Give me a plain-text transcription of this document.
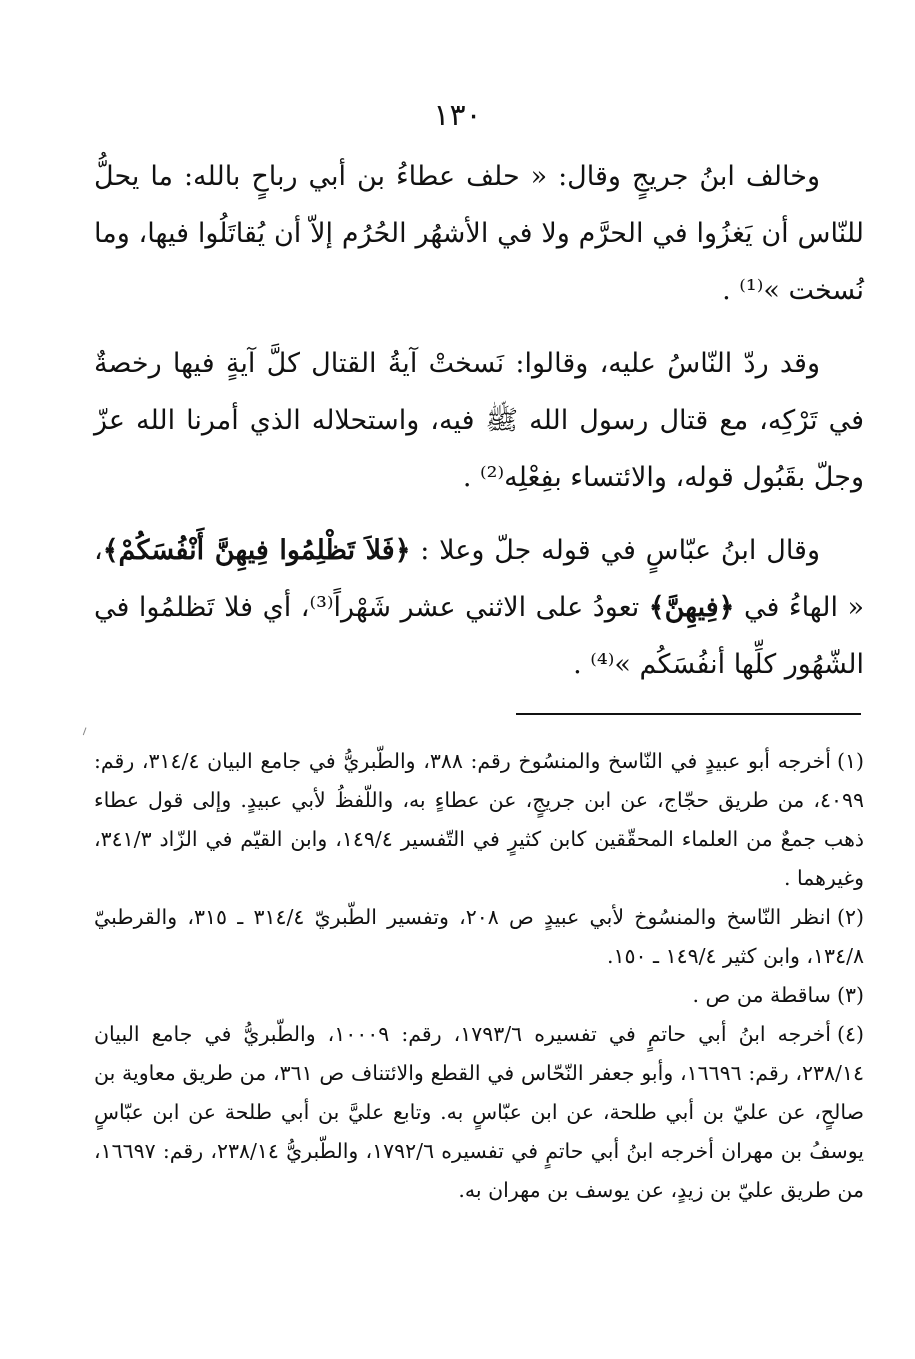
١٣٠

وخالف ابنُ جريجٍ وقال: « حلف عطاءُ بن أبي رباحٍ بالله: ما يحلُّ للنّاس أن يَغزُوا في الحرَّم ولا في الأشهُر الحُرُم إلاّ أن يُقاتَلُوا فيها، وما نُسخت »⁽¹⁾ .

وقد ردّ النّاسُ عليه، وقالوا: نَسختْ آيةُ القتال كلَّ آيةٍ فيها رخصةٌ في تَرْكِه، مع قتال رسول الله ﷺ فيه، واستحلاله الذي أمرنا الله عزّ وجلّ بقَبُول قوله، والائتساء بفِعْلِه⁽²⁾ .

وقال ابنُ عبّاسٍ في قوله جلّ وعلا : ﴿فَلاَ تَظْلِمُوا فِيهِنَّ أَنْفُسَكُمْ﴾، « الهاءُ في ﴿فِيهِنَّ﴾ تعودُ على الاثني عشر شَهْراً⁽³⁾، أي فلا تَظلمُوا في الشّهُور كلِّها أنفُسَكُم »⁽⁴⁾ .

(١)أخرجه أبو عبيدٍ في النّاسخ والمنسُوخ رقم: ٣٨٨، والطّبريُّ في جامع البيان ٣١٤/٤، رقم: ٤٠٩٩، من طريق حجّاج، عن ابن جريجٍ، عن عطاءٍ به، واللّفظُ لأبي عبيدٍ. وإلى قول عطاء ذهب جمعٌ من العلماء المحقّقين كابن كثيرٍ في التّفسير ١٤٩/٤، وابن القيّم في الزّاد ٣٤١/٣، وغيرهما .

(٢)انظر النّاسخ والمنسُوخ لأبي عبيدٍ ص ٢٠٨، وتفسير الطّبريّ ٣١٤/٤ ـ ٣١٥، والقرطبيّ ١٣٤/٨، وابن كثير ١٤٩/٤ ـ ١٥٠.

(٣)ساقطة من ص .

(٤)أخرجه ابنُ أبي حاتمٍ في تفسيره ١٧٩٣/٦، رقم: ١٠٠٠٩، والطّبريُّ في جامع البيان ٢٣٨/١٤، رقم: ١٦٦٩٦، وأبو جعفر النّحّاس في القطع والائتناف ص ٣٦١، من طريق معاوية بن صالحٍ، عن عليّ بن أبي طلحة، عن ابن عبّاسٍ به. وتابع عليَّ بن أبي طلحة عن ابن عبّاسٍ يوسفُ بن مهران أخرجه ابنُ أبي حاتمٍ في تفسيره ١٧٩٢/٦، والطّبريُّ ٢٣٨/١٤، رقم: ١٦٦٩٧، من طريق عليّ بن زيدٍ، عن يوسف بن مهران به.
